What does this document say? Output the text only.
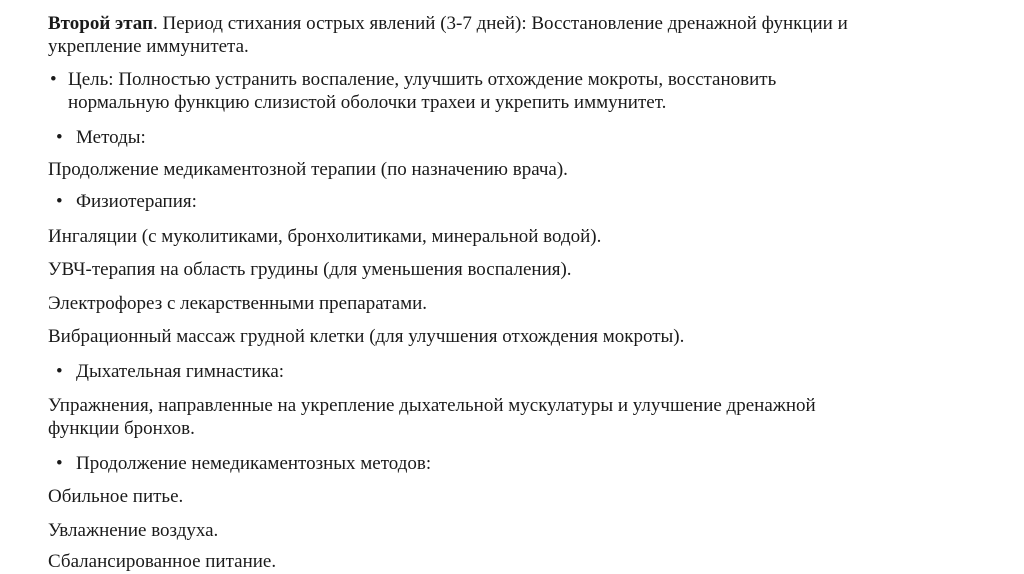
Второй этап. Период стихания острых явлений (3-7 дней): Восстановление дренажной функции и
укрепление иммунитета.
• Цель: Полностью устранить воспаление, улучшить отхождение мокроты, восстановить
нормальную функцию слизистой оболочки трахеи и укрепить иммунитет.
• Методы:
Продолжение медикаментозной терапии (по назначению врача).
• Физиотерапия:
Ингаляции (с муколитиками, бронхолитиками, минеральной водой).
УВЧ-терапия на область грудины (для уменьшения воспаления).
Электрофорез с лекарственными препаратами.
Вибрационный массаж грудной клетки (для улучшения отхождения мокроты).
• Дыхательная гимнастика:
Упражнения, направленные на укрепление дыхательной мускулатуры и улучшение дренажной
функции бронхов.
• Продолжение немедикаментозных методов:
Обильное питье.
Увлажнение воздуха.
Сбалансированное питание.
